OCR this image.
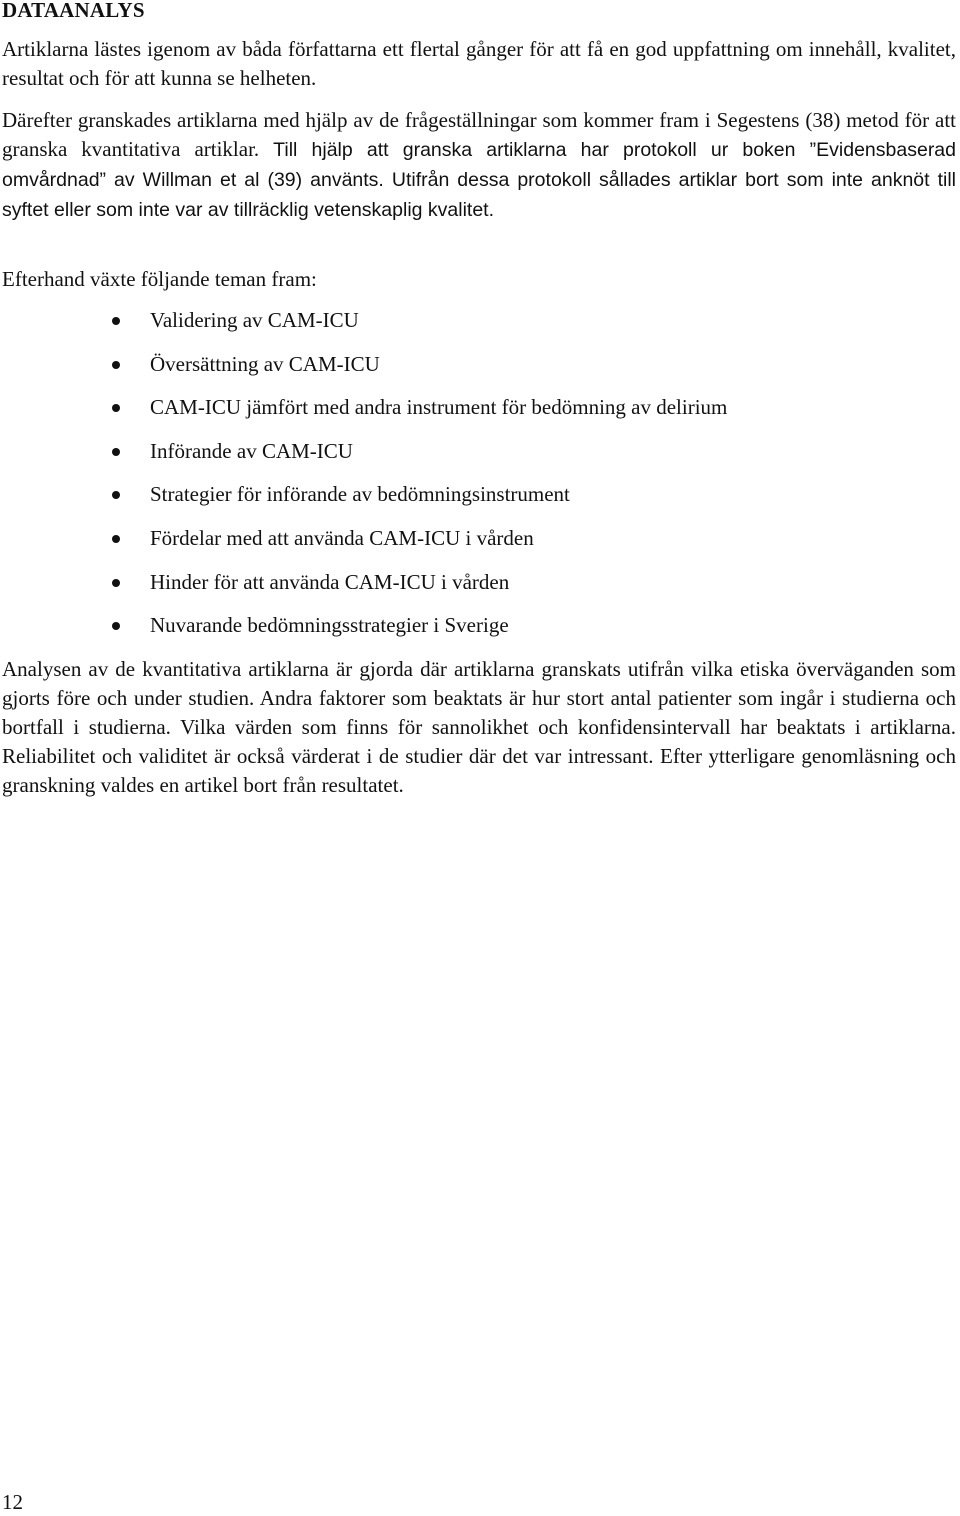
DATAANALYS

Artiklarna lästes igenom av båda författarna ett flertal gånger för att få en god uppfattning om innehåll, kvalitet, resultat och för att kunna se helheten.

Därefter granskades artiklarna med hjälp av de frågeställningar som kommer fram i Segestens (38) metod för att granska kvantitativa artiklar. Till hjälp att granska artiklarna har protokoll ur boken ”Evidensbaserad omvårdnad” av Willman et al (39) använts. Utifrån dessa protokoll sållades artiklar bort som inte anknöt till syftet eller som inte var av tillräcklig vetenskaplig kvalitet.

Efterhand växte följande teman fram:

Validering av CAM-ICU
Översättning av CAM-ICU
CAM-ICU jämfört med andra instrument för bedömning av delirium
Införande av CAM-ICU
Strategier för införande av bedömningsinstrument
Fördelar med att använda CAM-ICU i vården
Hinder för att använda CAM-ICU i vården
Nuvarande bedömningsstrategier i Sverige

Analysen av de kvantitativa artiklarna är gjorda där artiklarna granskats utifrån vilka etiska överväganden som gjorts före och under studien. Andra faktorer som beaktats är hur stort antal patienter som ingår i studierna och bortfall i studierna. Vilka värden som finns för sannolikhet och konfidensintervall har beaktats i artiklarna. Reliabilitet och validitet är också värderat i de studier där det var intressant. Efter ytterligare genomläsning och granskning valdes en artikel bort från resultatet.

12
